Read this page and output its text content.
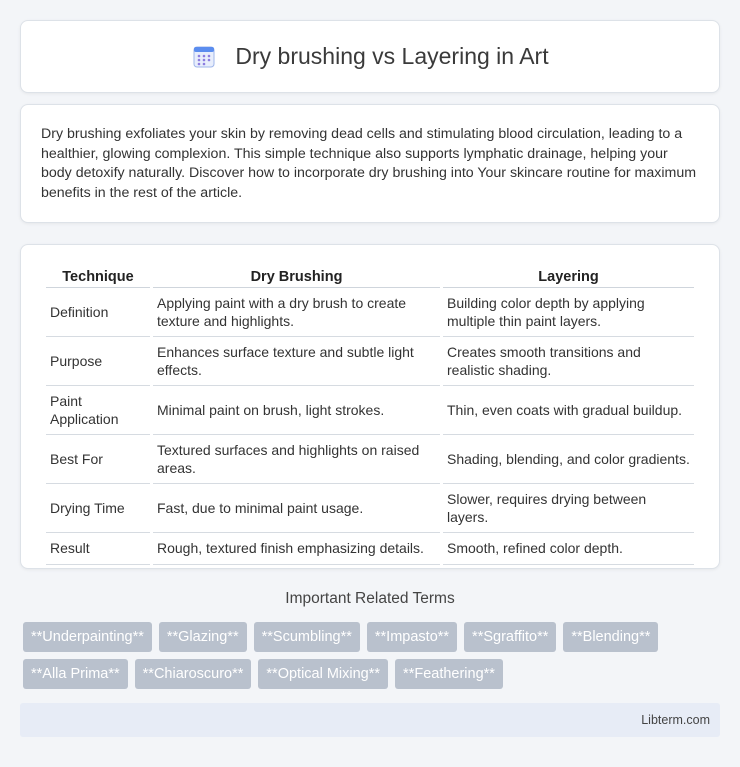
Dry brushing vs Layering in Art

Dry brushing exfoliates your skin by removing dead cells and stimulating blood circulation, leading to a healthier, glowing complexion. This simple technique also supports lymphatic drainage, helping your body detoxify naturally. Discover how to incorporate dry brushing into Your skincare routine for maximum benefits in the rest of the article.

Technique	Dry Brushing	Layering
Definition	Applying paint with a dry brush to create texture and highlights.	Building color depth by applying multiple thin paint layers.
Purpose	Enhances surface texture and subtle light effects.	Creates smooth transitions and realistic shading.
Paint Application	Minimal paint on brush, light strokes.	Thin, even coats with gradual buildup.
Best For	Textured surfaces and highlights on raised areas.	Shading, blending, and color gradients.
Drying Time	Fast, due to minimal paint usage.	Slower, requires drying between layers.
Result	Rough, textured finish emphasizing details.	Smooth, refined color depth.
Important Related Terms
**Underpainting**	**Glazing**	**Scumbling**	**Impasto**	**Sgraffito**	**Blending**
**Alla Prima**	**Chiaroscuro**	**Optical Mixing**	**Feathering**
Libterm.com
